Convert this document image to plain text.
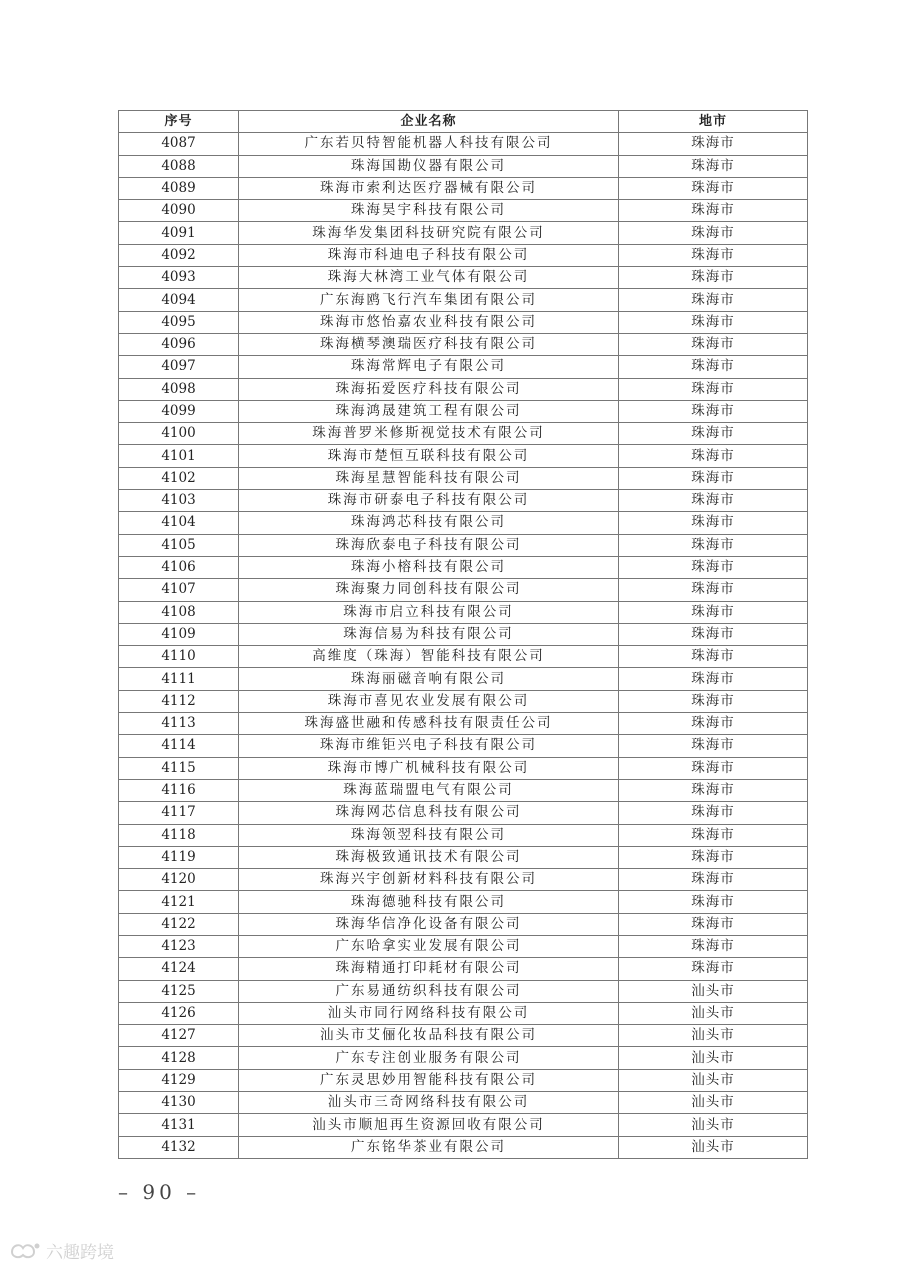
序号	企业名称	地市
4087	广东若贝特智能机器人科技有限公司	珠海市
4088	珠海国勘仪器有限公司	珠海市
4089	珠海市索利达医疗器械有限公司	珠海市
4090	珠海昊宇科技有限公司	珠海市
4091	珠海华发集团科技研究院有限公司	珠海市
4092	珠海市科迪电子科技有限公司	珠海市
4093	珠海大林湾工业气体有限公司	珠海市
4094	广东海鸥飞行汽车集团有限公司	珠海市
4095	珠海市悠怡嘉农业科技有限公司	珠海市
4096	珠海横琴澳瑞医疗科技有限公司	珠海市
4097	珠海常辉电子有限公司	珠海市
4098	珠海拓爱医疗科技有限公司	珠海市
4099	珠海鸿晟建筑工程有限公司	珠海市
4100	珠海普罗米修斯视觉技术有限公司	珠海市
4101	珠海市楚恒互联科技有限公司	珠海市
4102	珠海星慧智能科技有限公司	珠海市
4103	珠海市研泰电子科技有限公司	珠海市
4104	珠海鸿芯科技有限公司	珠海市
4105	珠海欣泰电子科技有限公司	珠海市
4106	珠海小榕科技有限公司	珠海市
4107	珠海聚力同创科技有限公司	珠海市
4108	珠海市启立科技有限公司	珠海市
4109	珠海信易为科技有限公司	珠海市
4110	高维度（珠海）智能科技有限公司	珠海市
4111	珠海丽磁音响有限公司	珠海市
4112	珠海市喜见农业发展有限公司	珠海市
4113	珠海盛世融和传感科技有限责任公司	珠海市
4114	珠海市维钜兴电子科技有限公司	珠海市
4115	珠海市博广机械科技有限公司	珠海市
4116	珠海蓝瑞盟电气有限公司	珠海市
4117	珠海网芯信息科技有限公司	珠海市
4118	珠海领翌科技有限公司	珠海市
4119	珠海极致通讯技术有限公司	珠海市
4120	珠海兴宇创新材料科技有限公司	珠海市
4121	珠海德驰科技有限公司	珠海市
4122	珠海华信净化设备有限公司	珠海市
4123	广东哈拿实业发展有限公司	珠海市
4124	珠海精通打印耗材有限公司	珠海市
4125	广东易通纺织科技有限公司	汕头市
4126	汕头市同行网络科技有限公司	汕头市
4127	汕头市艾俪化妆品科技有限公司	汕头市
4128	广东专注创业服务有限公司	汕头市
4129	广东灵思妙用智能科技有限公司	汕头市
4130	汕头市三奇网络科技有限公司	汕头市
4131	汕头市顺旭再生资源回收有限公司	汕头市
4132	广东铭华茶业有限公司	汕头市
– 90 –
六趣跨境
